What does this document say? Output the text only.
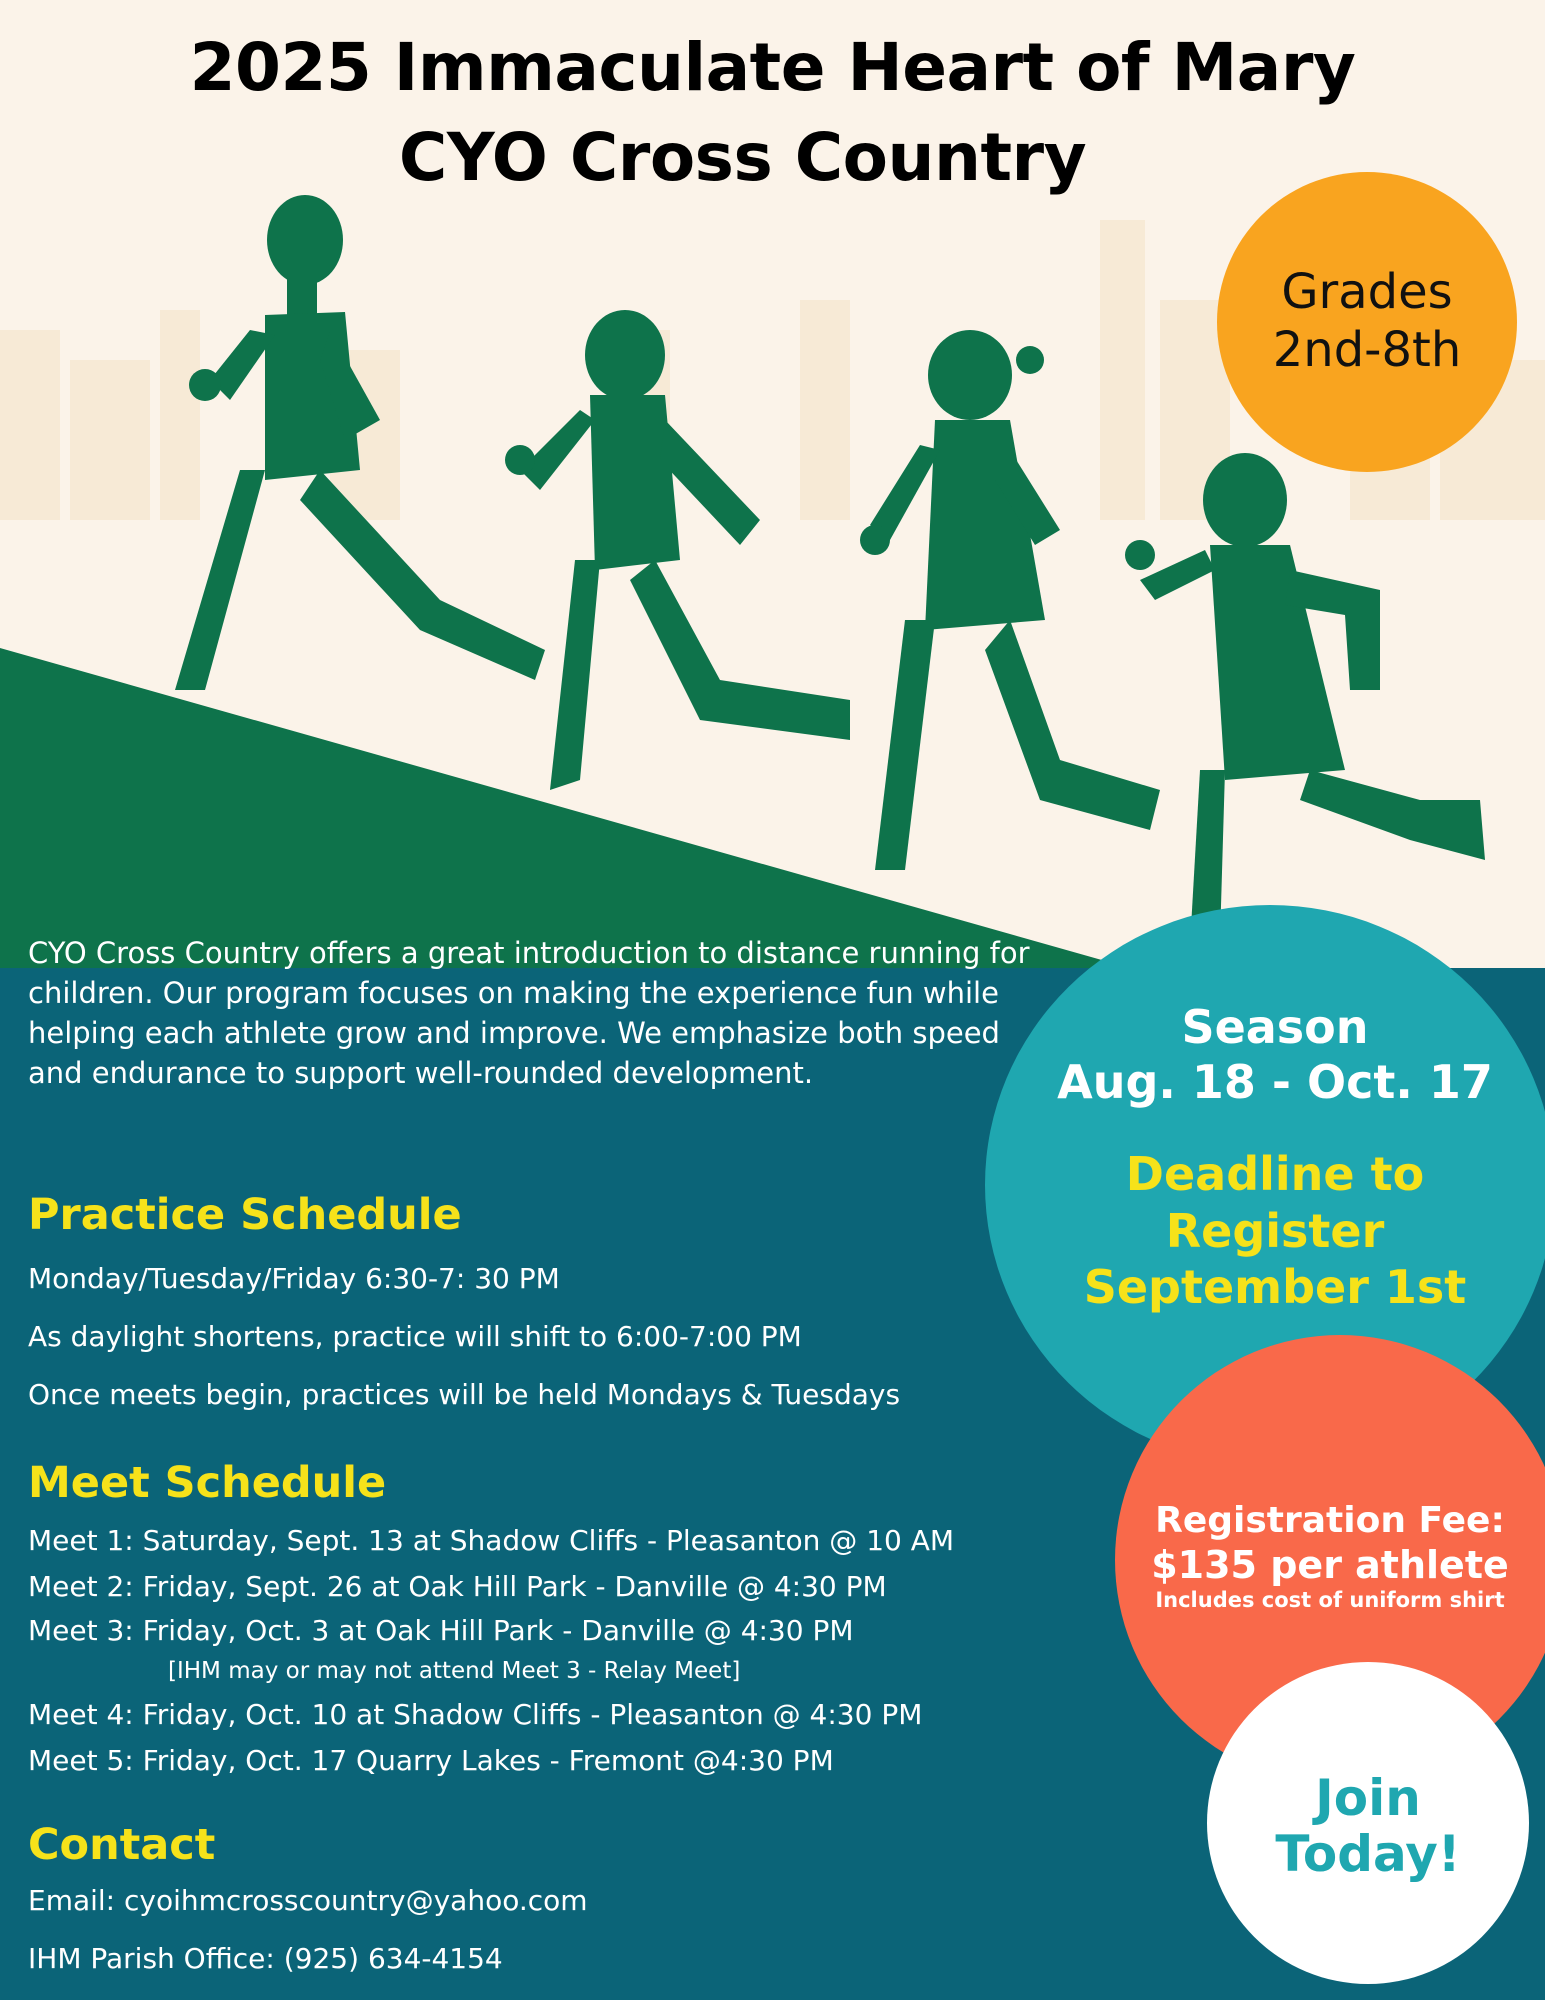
2025 Immaculate Heart of Mary
CYO Cross Country
Grades
2nd-8th
Season
Aug. 18 - Oct. 17
Deadline to
Register
September 1st
Registration Fee:
$135 per athlete
Includes cost of uniform shirt
Join
Today!
CYO Cross Country offers a great introduction to distance running for children. Our program focuses on making the experience fun while helping each athlete grow and improve. We emphasize both speed and endurance to support well-rounded development.
Practice Schedule
Monday/Tuesday/Friday 6:30-7: 30 PM
As daylight shortens, practice will shift to 6:00-7:00 PM
Once meets begin, practices will be held Mondays & Tuesdays
Meet Schedule
Meet 1: Saturday, Sept. 13 at Shadow Cliffs - Pleasanton @ 10 AM
Meet 2: Friday, Sept. 26 at Oak Hill Park - Danville @ 4:30 PM
Meet 3: Friday, Oct. 3 at Oak Hill Park - Danville @ 4:30 PM
[IHM may or may not attend Meet 3 - Relay Meet]
Meet 4: Friday, Oct. 10 at Shadow Cliffs - Pleasanton @ 4:30 PM
Meet 5: Friday, Oct. 17 Quarry Lakes - Fremont @4:30 PM
Contact
Email: cyoihmcrosscountry@yahoo.com
IHM Parish Office: (925) 634-4154
